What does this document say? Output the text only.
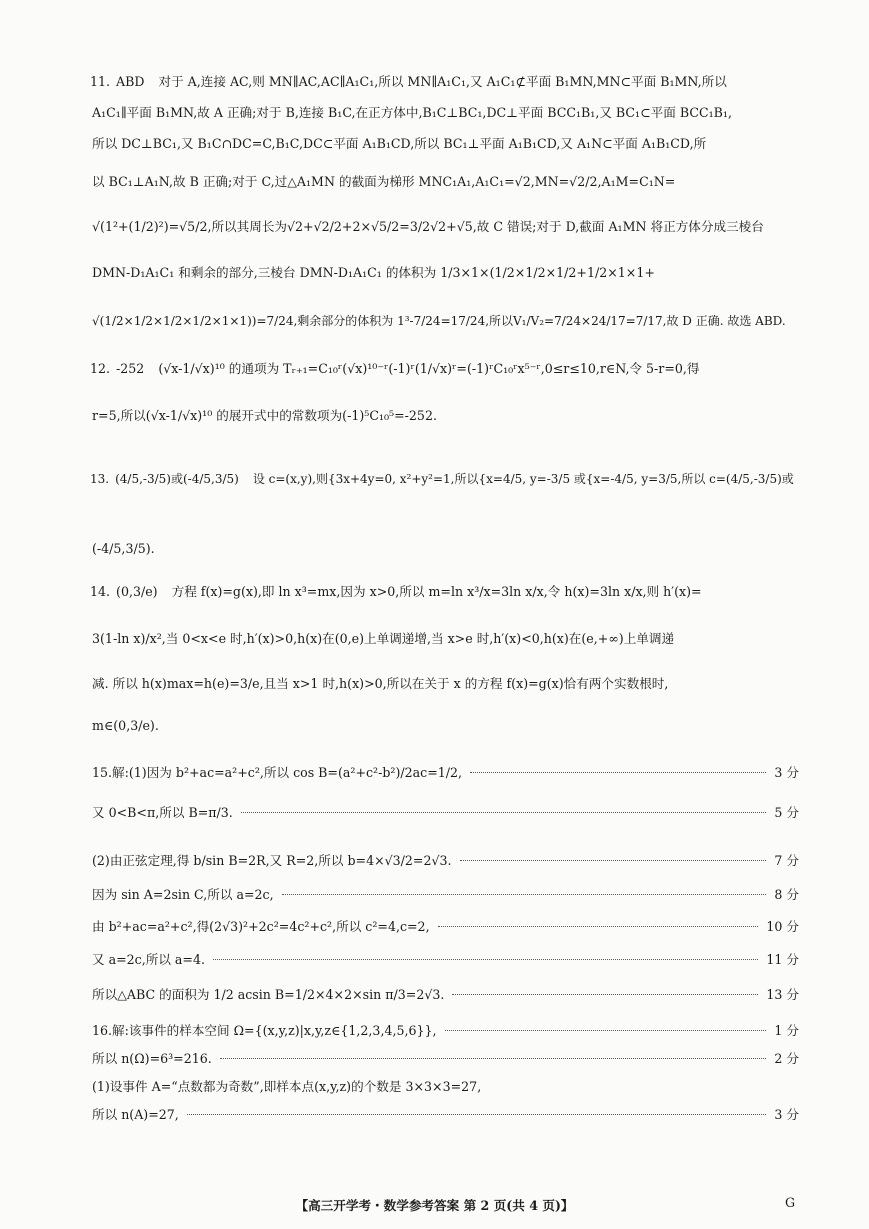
11. ABD 对于 A,连接 AC,则 MN∥AC,AC∥A₁C₁,所以 MN∥A₁C₁,又 A₁C₁⊄平面 B₁MN,MN⊂平面 B₁MN,所以
A₁C₁∥平面 B₁MN,故 A 正确;对于 B,连接 B₁C,在正方体中,B₁C⊥BC₁,DC⊥平面 BCC₁B₁,又 BC₁⊂平面 BCC₁B₁,
所以 DC⊥BC₁,又 B₁C∩DC=C,B₁C,DC⊂平面 A₁B₁CD,所以 BC₁⊥平面 A₁B₁CD,又 A₁N⊂平面 A₁B₁CD,所
以 BC₁⊥A₁N,故 B 正确;对于 C,过△A₁MN 的截面为梯形 MNC₁A₁,A₁C₁=√2,MN=√2/2,A₁M=C₁N=
√(1²+(1/2)²)=√5/2,所以其周长为√2+√2/2+2×√5/2=3/2√2+√5,故 C 错误;对于 D,截面 A₁MN 将正方体分成三棱台
DMN-D₁A₁C₁ 和剩余的部分,三棱台 DMN-D₁A₁C₁ 的体积为 1/3×1×(1/2×1/2×1/2+1/2×1×1+
√(1/2×1/2×1/2×1/2×1×1))=7/24,剩余部分的体积为 1³-7/24=17/24,所以V₁/V₂=7/24×24/17=7/17,故 D 正确. 故选 ABD.
12. -252 (√x-1/√x)¹⁰ 的通项为 Tᵣ₊₁=C₁₀ʳ(√x)¹⁰⁻ʳ(-1)ʳ(1/√x)ʳ=(-1)ʳC₁₀ʳx⁵⁻ʳ,0≤r≤10,r∈N,令 5-r=0,得
r=5,所以(√x-1/√x)¹⁰ 的展开式中的常数项为(-1)⁵C₁₀⁵=-252.
13. (4/5,-3/5)或(-4/5,3/5) 设 c=(x,y),则{3x+4y=0, x²+y²=1,所以{x=4/5, y=-3/5 或{x=-4/5, y=3/5,所以 c=(4/5,-3/5)或
(-4/5,3/5).
14. (0,3/e) 方程 f(x)=g(x),即 ln x³=mx,因为 x>0,所以 m=ln x³/x=3ln x/x,令 h(x)=3ln x/x,则 h′(x)=
3(1-ln x)/x²,当 0<x<e 时,h′(x)>0,h(x)在(0,e)上单调递增,当 x>e 时,h′(x)<0,h(x)在(e,+∞)上单调递
减. 所以 h(x)max=h(e)=3/e,且当 x>1 时,h(x)>0,所以在关于 x 的方程 f(x)=g(x)恰有两个实数根时,
m∈(0,3/e).
15.解:(1)因为 b²+ac=a²+c²,所以 cos B=(a²+c²-b²)/2ac=1/2,	3 分
又 0<B<π,所以 B=π/3.	5 分
(2)由正弦定理,得 b/sin B=2R,又 R=2,所以 b=4×√3/2=2√3.	7 分
因为 sin A=2sin C,所以 a=2c,	8 分
由 b²+ac=a²+c²,得(2√3)²+2c²=4c²+c²,所以 c²=4,c=2,	10 分
又 a=2c,所以 a=4.	11 分
所以△ABC 的面积为 1/2 acsin B=1/2×4×2×sin π/3=2√3.	13 分
16.解:该事件的样本空间 Ω={(x,y,z)|x,y,z∈{1,2,3,4,5,6}},	1 分
所以 n(Ω)=6³=216.	2 分
(1)设事件 A=“点数都为奇数”,即样本点(x,y,z)的个数是 3×3×3=27,
所以 n(A)=27,	3 分
【高三开学考・数学参考答案 第 2 页(共 4 页)】	G
